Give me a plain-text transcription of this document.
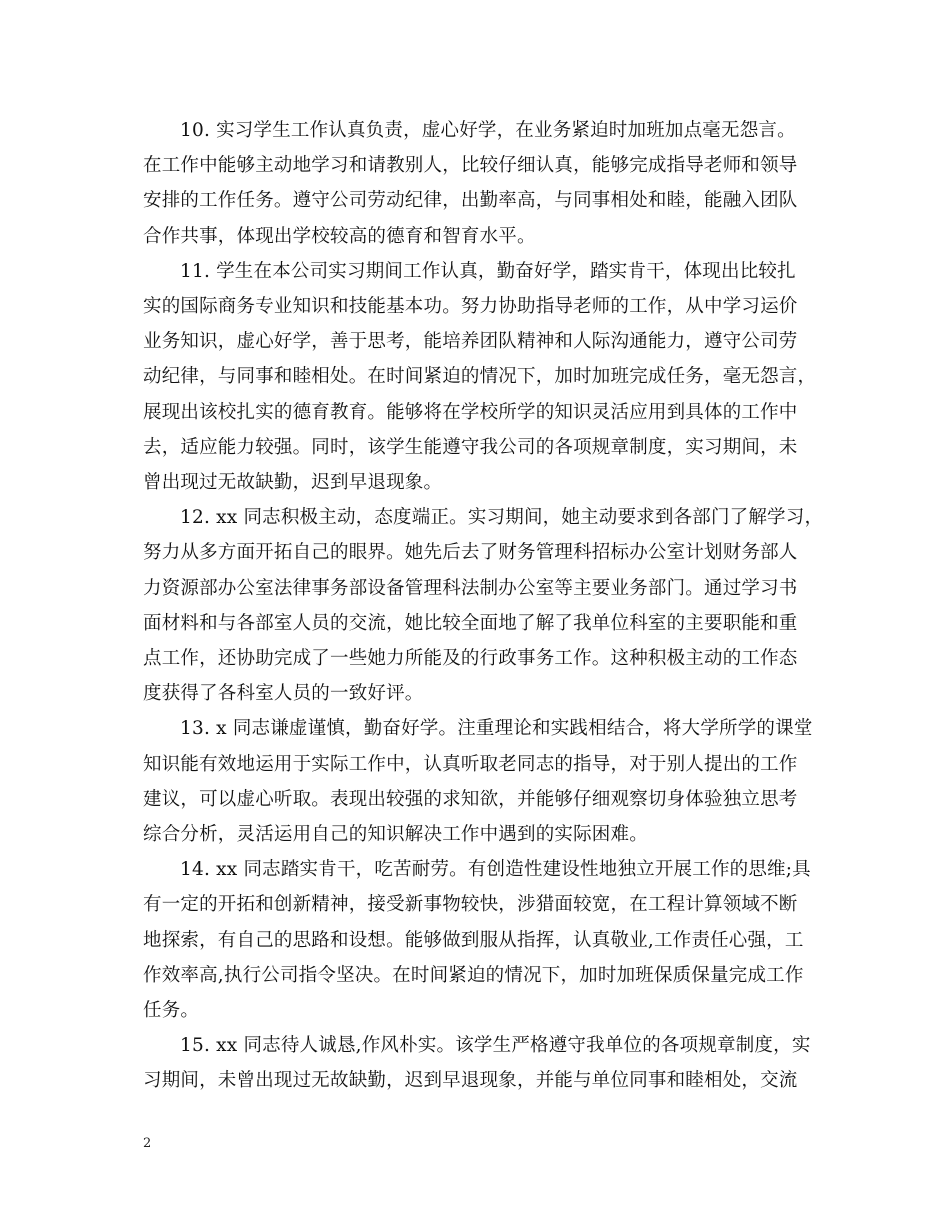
10. 实习学生工作认真负责，虚心好学，在业务紧迫时加班加点毫无怨言。
在工作中能够主动地学习和请教别人，比较仔细认真，能够完成指导老师和领导
安排的工作任务。遵守公司劳动纪律，出勤率高，与同事相处和睦，能融入团队
合作共事，体现出学校较高的德育和智育水平。

11. 学生在本公司实习期间工作认真，勤奋好学，踏实肯干，体现出比较扎
实的国际商务专业知识和技能基本功。努力协助指导老师的工作，从中学习运价
业务知识，虚心好学，善于思考，能培养团队精神和人际沟通能力，遵守公司劳
动纪律，与同事和睦相处。在时间紧迫的情况下，加时加班完成任务，毫无怨言，
展现出该校扎实的德育教育。能够将在学校所学的知识灵活应用到具体的工作中
去，适应能力较强。同时，该学生能遵守我公司的各项规章制度，实习期间，未
曾出现过无故缺勤，迟到早退现象。

12. xx 同志积极主动，态度端正。实习期间，她主动要求到各部门了解学习，
努力从多方面开拓自己的眼界。她先后去了财务管理科招标办公室计划财务部人
力资源部办公室法律事务部设备管理科法制办公室等主要业务部门。通过学习书
面材料和与各部室人员的交流，她比较全面地了解了我单位科室的主要职能和重
点工作，还协助完成了一些她力所能及的行政事务工作。这种积极主动的工作态
度获得了各科室人员的一致好评。

13. x 同志谦虚谨慎，勤奋好学。注重理论和实践相结合，将大学所学的课堂
知识能有效地运用于实际工作中，认真听取老同志的指导，对于别人提出的工作
建议，可以虚心听取。表现出较强的求知欲，并能够仔细观察切身体验独立思考
综合分析，灵活运用自己的知识解决工作中遇到的实际困难。

14. xx 同志踏实肯干，吃苦耐劳。有创造性建设性地独立开展工作的思维;具
有一定的开拓和创新精神，接受新事物较快，涉猎面较宽，在工程计算领域不断
地探索，有自己的思路和设想。能够做到服从指挥，认真敬业,工作责任心强，工
作效率高,执行公司指令坚决。在时间紧迫的情况下，加时加班保质保量完成工作
任务。

15. xx 同志待人诚恳,作风朴实。该学生严格遵守我单位的各项规章制度，实
习期间，未曾出现过无故缺勤，迟到早退现象，并能与单位同事和睦相处，交流

2
